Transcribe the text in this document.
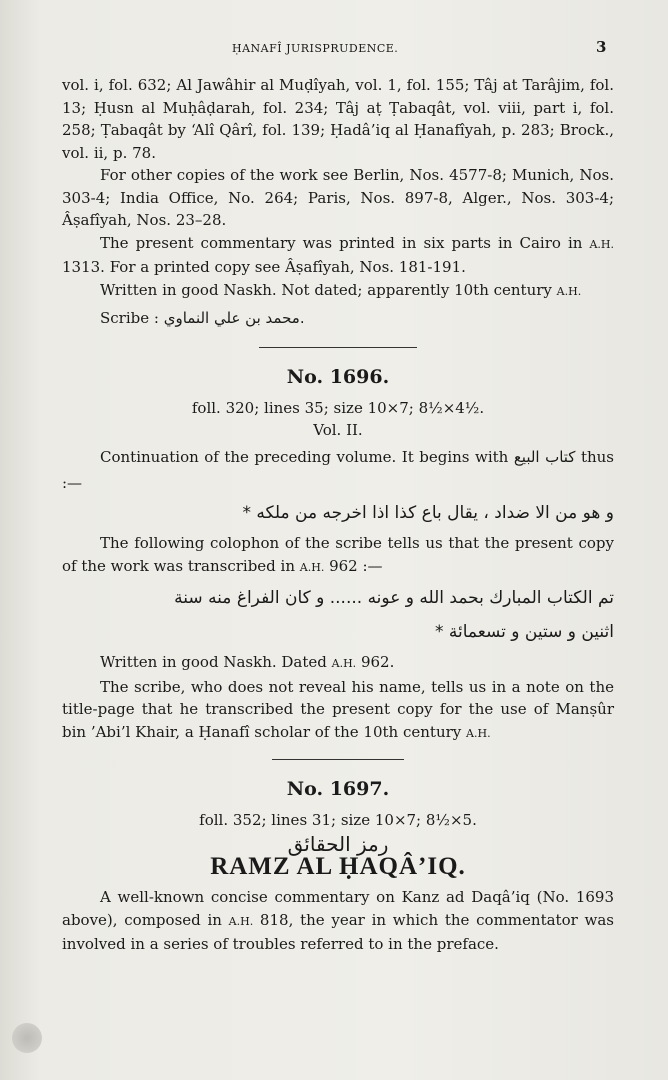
ḤANAFÎ JURISPRUDENCE.	3

vol. i, fol. 632; Al Jawâhir al Muḍîyah, vol. 1, fol. 155; Tâj at Tarâjim, fol. 13; Ḥusn al Muḥâḍarah, fol. 234; Tâj aṭ Ṭabaqât, vol. viii, part i, fol. 258; Ṭabaqât by ‘Alî Qârî, fol. 139; Ḥadâ’iq al Ḥanafîyah, p. 283; Brock., vol. ii, p. 78.

For other copies of the work see Berlin, Nos. 4577-8; Munich, Nos. 303-4; India Office, No. 264; Paris, Nos. 897-8, Alger., Nos. 303-4; Âṣafîyah, Nos. 23–28.

The present commentary was printed in six parts in Cairo in A.H. 1313. For a printed copy see Âṣafîyah, Nos. 181-191.

Written in good Naskh. Not dated; apparently 10th century A.H.

Scribe : محمد بن علي النماوي.

No. 1696.

foll. 320; lines 35; size 10×7; 8½×4½.

Vol. II.

Continuation of the preceding volume. It begins with كتاب البيع thus :—

و هو من الا ضداد ، يقال باع كذا اذا اخرجه من ملكه *

The following colophon of the scribe tells us that the present copy of the work was transcribed in A.H. 962 :—

تم الكتاب المبارك بحمد الله و عونه ...... و كان الفراغ منه سنة
اثنين و ستين و تسعمائة *

Written in good Naskh. Dated A.H. 962.

The scribe, who does not reveal his name, tells us in a note on the title-page that he transcribed the present copy for the use of Manṣûr bin ’Abi’l Khair, a Ḥanafî scholar of the 10th century A.H.

No. 1697.

foll. 352; lines 31; size 10×7; 8½×5.

رمز الحقائق
RAMZ AL ḤAQÂ’IQ.

A well-known concise commentary on Kanz ad Daqâ’iq (No. 1693 above), composed in A.H. 818, the year in which the commentator was involved in a series of troubles referred to in the preface.
